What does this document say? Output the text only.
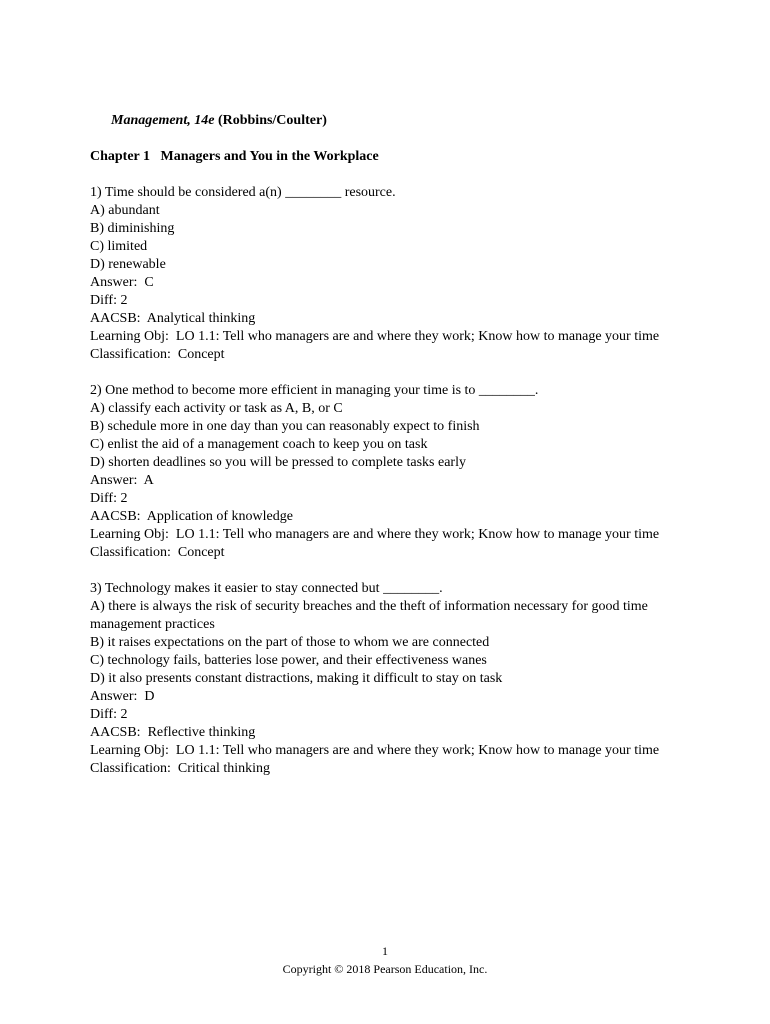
Management, 14e (Robbins/Coulter)

Chapter 1   Managers and You in the Workplace
1) Time should be considered a(n) ________ resource.
A) abundant
B) diminishing
C) limited
D) renewable
Answer:  C
Diff: 2
AACSB:  Analytical thinking
Learning Obj:  LO 1.1: Tell who managers are and where they work; Know how to manage your time
Classification:  Concept
2) One method to become more efficient in managing your time is to ________.
A) classify each activity or task as A, B, or C
B) schedule more in one day than you can reasonably expect to finish
C) enlist the aid of a management coach to keep you on task
D) shorten deadlines so you will be pressed to complete tasks early
Answer:  A
Diff: 2
AACSB:  Application of knowledge
Learning Obj:  LO 1.1: Tell who managers are and where they work; Know how to manage your time
Classification:  Concept
3) Technology makes it easier to stay connected but ________.
A) there is always the risk of security breaches and the theft of information necessary for good time management practices
B) it raises expectations on the part of those to whom we are connected
C) technology fails, batteries lose power, and their effectiveness wanes
D) it also presents constant distractions, making it difficult to stay on task
Answer:  D
Diff: 2
AACSB:  Reflective thinking
Learning Obj:  LO 1.1: Tell who managers are and where they work; Know how to manage your time
Classification:  Critical thinking
1
Copyright © 2018 Pearson Education, Inc.
